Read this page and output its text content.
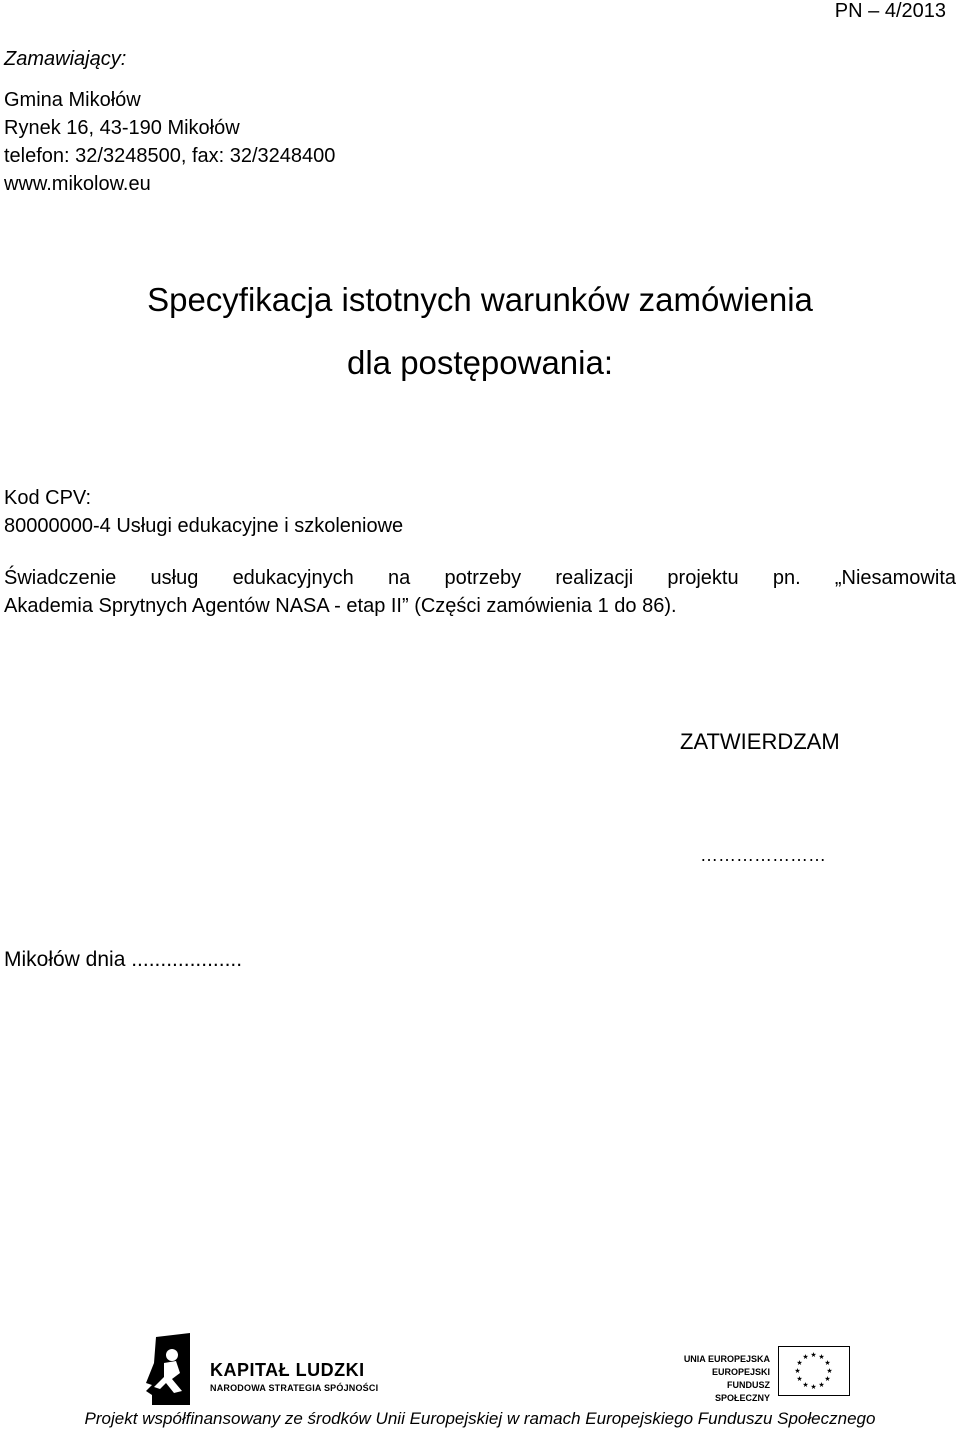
PN – 4/2013
Zamawiający:
Gmina Mikołów
Rynek 16, 43-190 Mikołów
telefon: 32/3248500, fax: 32/3248400
www.mikolow.eu
Specyfikacja istotnych warunków zamówienia
dla postępowania:
Kod CPV:
80000000-4 Usługi edukacyjne i szkoleniowe
Świadczenie usług edukacyjnych na potrzeby realizacji projektu pn. „Niesamowita
Akademia Sprytnych Agentów NASA - etap II” (Części zamówienia 1 do 86).
ZATWIERDZAM
…………………
Mikołów dnia ...................
KAPITAŁ LUDZKI
NARODOWA STRATEGIA SPÓJNOŚCI
UNIA EUROPEJSKA
EUROPEJSKI
FUNDUSZ SPOŁECZNY
★ ★
★
★
★
★
★
★
★
★
★
★
Projekt współfinansowany ze środków Unii Europejskiej w ramach Europejskiego Funduszu Społecznego
